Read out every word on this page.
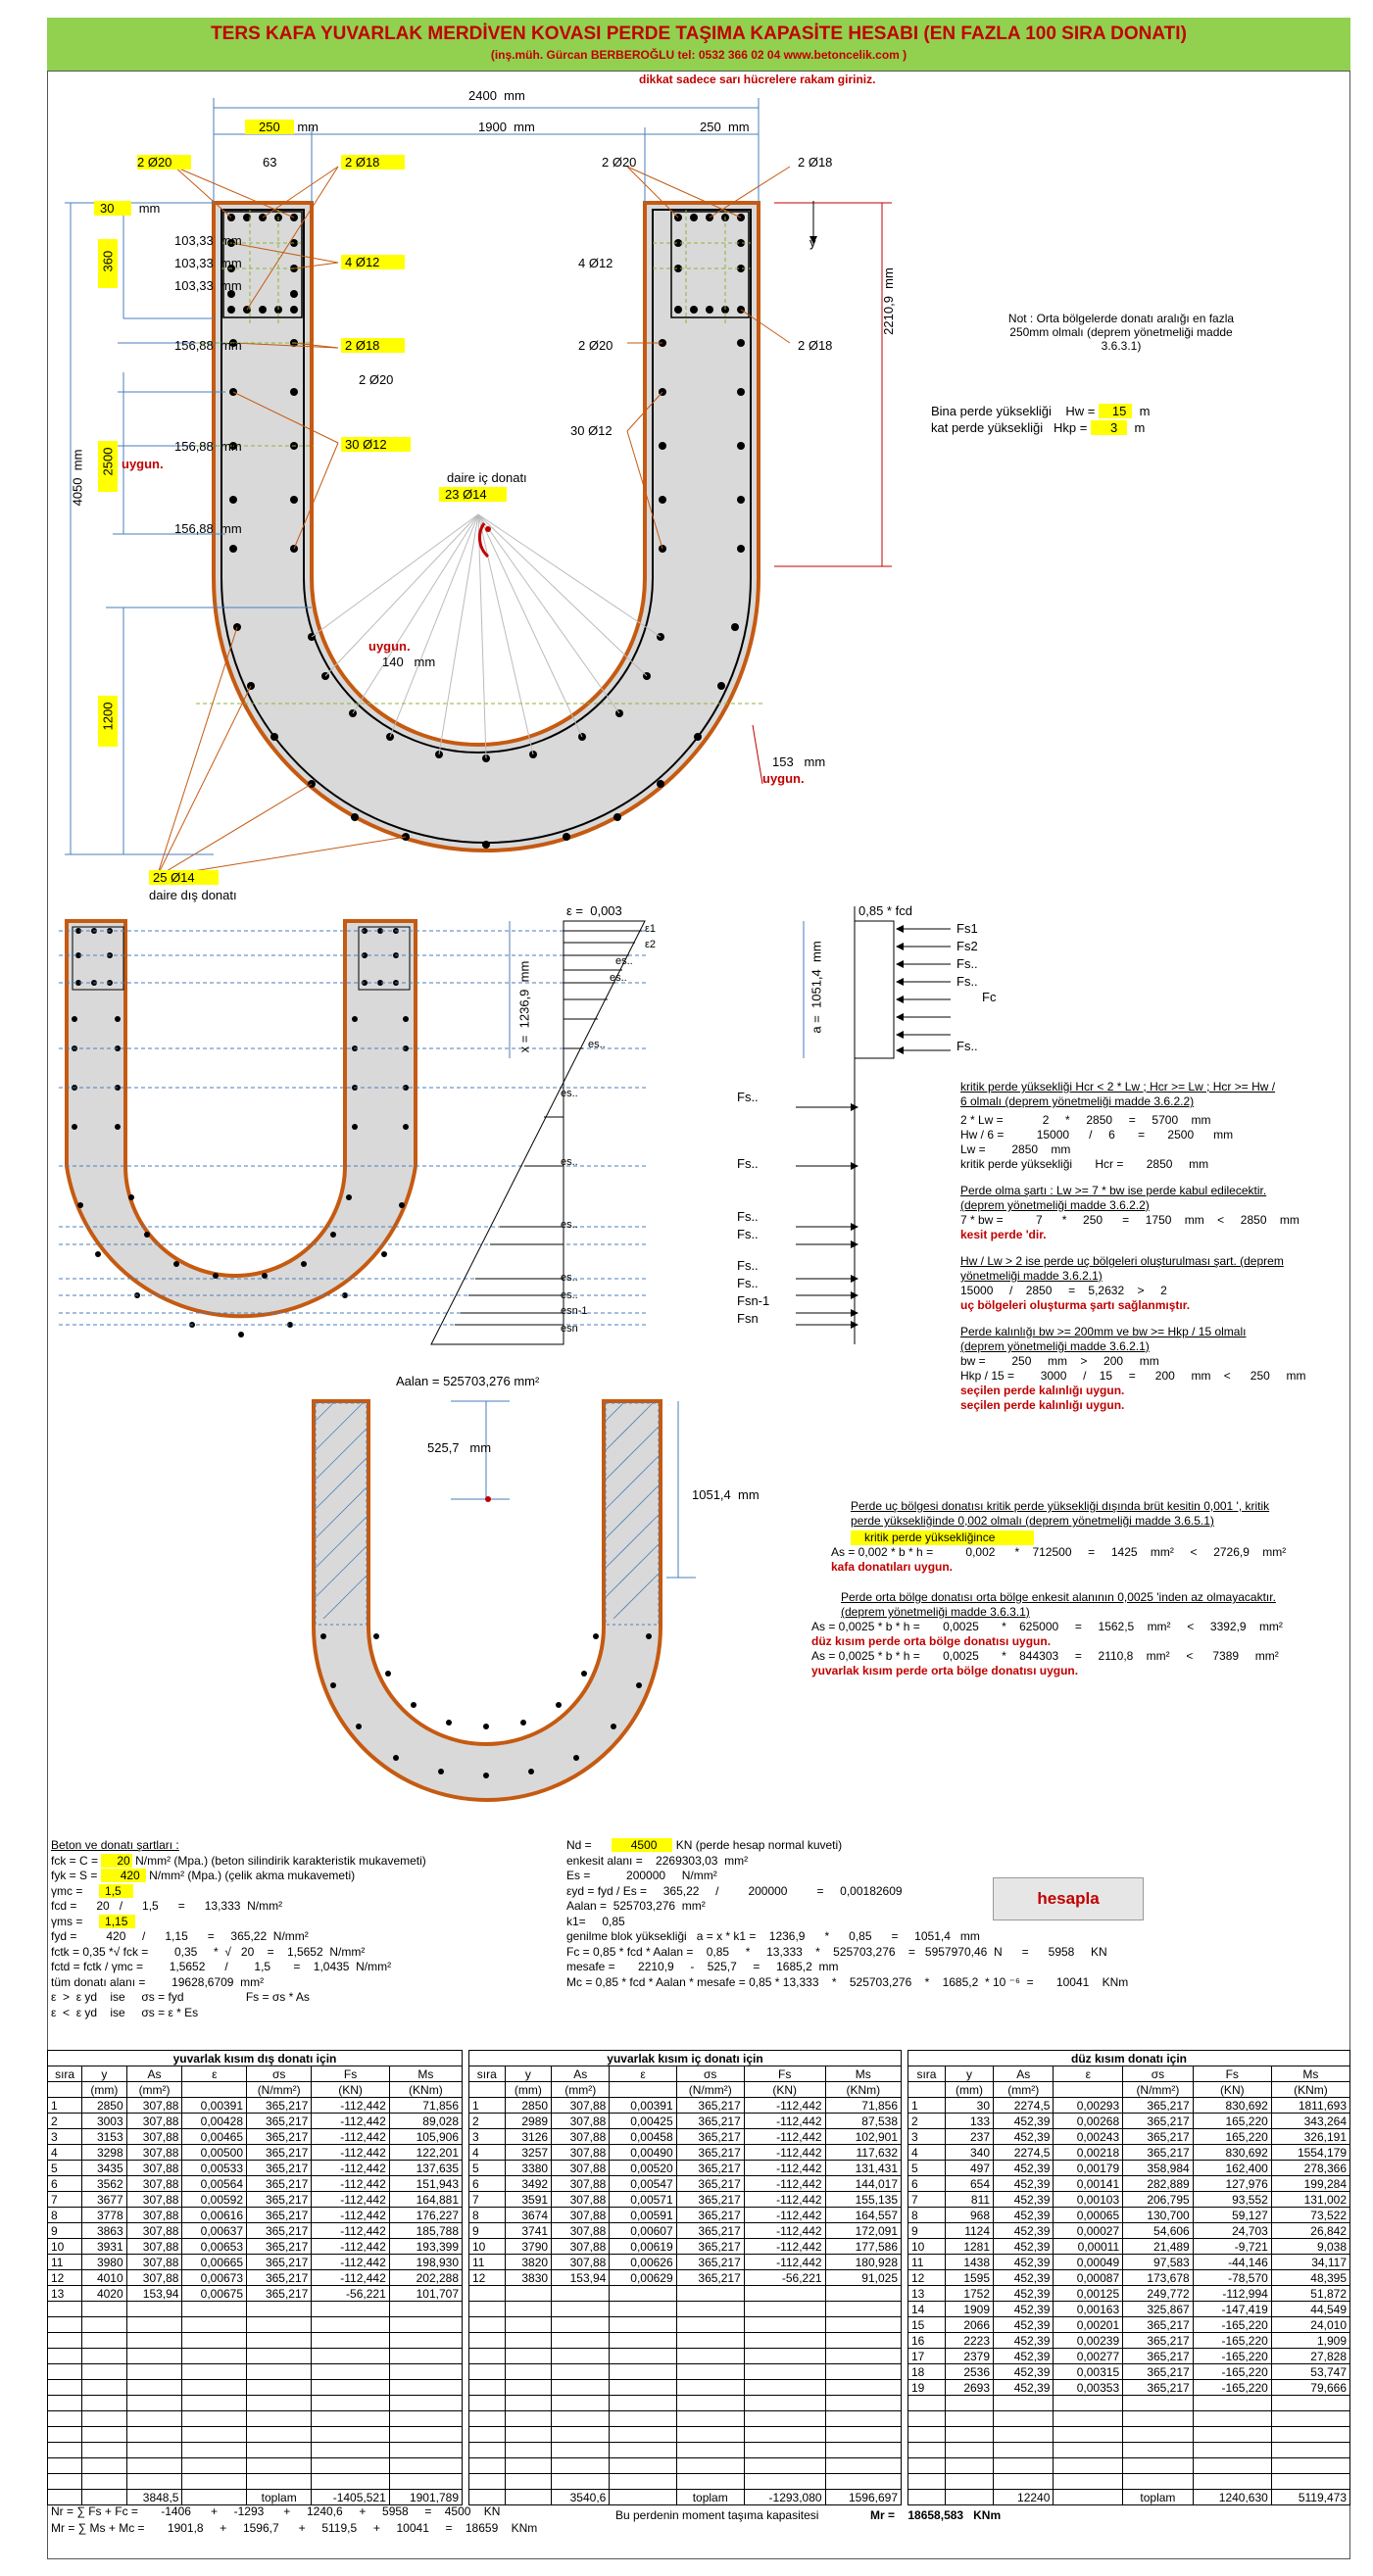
TERS KAFA YUVARLAK MERDİVEN KOVASI PERDE TAŞIMA KAPASİTE HESABI (EN FAZLA 100 SIRA DONATI)
(inş.müh. Gürcan BERBEROĞLU tel: 0532 366 02 04 www.betoncelik.com )
dikkat sadece sarı hücrelere rakam giriniz.
2400 mm
250 mm	1900 mm	250 mm
2 Ø20	63	2 Ø18	2 Ø20	2 Ø18
30 mm
103,33 mm
103,33 mm
103,33 mm
360	4 Ø12	4 Ø12
156,88 mm	2 Ø18	2 Ø20	2 Ø18
2 Ø20
30 Ø12
156,88 mm	30 Ø12
uygun.
2500
daire iç donatı
23 Ø14
156,88 mm
4050  mm
2210,9  mm
y
Not : Orta bölgelerde donatı aralığı en fazla 250mm olmalı (deprem yönetmeliği madde 3.6.3.1)
Bina perde yüksekliği Hw = 15 m
kat perde yüksekliği Hkp = 3 m
uygun.
140 mm
1200
153 mm
uygun.
25 Ø14
daire dış donatı
ε = 0,003	0,85 * fcd
ε1
ε2
es..
es..
es..
es..
es..
es..
es..
es..
esn-1
esn
Fs1
Fs2
Fs..
Fs..
Fc
Fs..
Fs..
Fs..
Fs..
Fs..
Fs..
Fs..
Fsn-1
Fsn
x =  1236,9  mm
a =  1051,4  mm
Aalan = 525703,276 mm²
525,7 mm
1051,4 mm
kritik perde yüksekliği Hcr < 2 * Lw ; Hcr >= Lw ; Hcr >= Hw / 6 olmalı (deprem yönetmeliği madde 3.6.2.2)
2 * Lw =            2     *     2850     =     5700    mm
Hw / 6 =          15000      /     6       =       2500      mm
Lw =        2850    mm
kritik perde yüksekliği       Hcr =       2850     mm
Perde olma şartı : Lw >= 7 * bw ise perde kabul edilecektir. (deprem yönetmeliği madde 3.6.2.2)
7 * bw =          7      *     250      =     1750    mm    <     2850    mm
kesit perde 'dir.
Hw / Lw > 2 ise perde uç bölgeleri oluşturulması şart. (deprem yönetmeliği madde 3.6.2.1)
15000     /    2850     =    5,2632    >     2
uç bölgeleri oluşturma şartı sağlanmıştır.
Perde kalınlığı bw >= 200mm ve bw >= Hkp / 15 olmalı (deprem yönetmeliği madde 3.6.2.1)
bw =        250     mm    >     200     mm
Hkp / 15 =        3000     /    15     =      200     mm    <      250     mm
seçilen perde kalınlığı uygun.
seçilen perde kalınlığı uygun.
Perde uç bölgesi donatısı kritik perde yüksekliği dışında brüt kesitin 0,001 ', kritik perde yüksekliğinde 0,002 olmalı (deprem yönetmeliği madde 3.6.5.1)
kritik perde yüksekliğince
As = 0,002 * b * h =          0,002      *    712500     =     1425    mm²     <     2726,9    mm²
kafa donatıları uygun.
Perde orta bölge donatısı orta bölge enkesit alanının 0,0025 'inden az olmayacaktır. (deprem yönetmeliği madde 3.6.3.1)
As = 0,0025 * b * h =       0,0025       *    625000     =     1562,5    mm²     <     3392,9    mm²
düz kısım perde orta bölge donatısı uygun.
As = 0,0025 * b * h =       0,0025       *    844303     =     2110,8    mm²     <      7389     mm²
yuvarlak kısım perde orta bölge donatısı uygun.
Beton ve donatı şartları :
fck = C = 20 N/mm² (Mpa.) (beton silindirik karakteristik mukavemeti)
fyk = S = 420 N/mm² (Mpa.) (çelik akma mukavemeti)
γmc = 1,5
fcd =      20   /      1,5      =      13,333  N/mm²
γms = 1,15
fyd =         420     /      1,15      =     365,22  N/mm²
fctk = 0,35 *√ fck =        0,35     *  √   20    =    1,5652  N/mm²
fctd = fctk / γmc =        1,5652      /        1,5       =    1,0435  N/mm²
tüm donatı alanı =        19628,6709  mm²
ε  >  ε yd    ise     σs = fyd                   Fs = σs * As
ε  <  ε yd    ise     σs = ε * Es
Nd =	4500 KN (perde hesap normal kuveti)
enkesit alanı =    2269303,03  mm²
Es =           200000     N/mm²
εyd = fyd / Es =     365,22     /         200000         =     0,00182609
Aalan =  525703,276  mm²
k1=     0,85
genilme blok yüksekliği   a = x * k1 =    1236,9      *      0,85      =     1051,4   mm
Fc = 0,85 * fcd * Aalan =    0,85     *     13,333    *    525703,276    =   5957970,46  N      =      5958     KN
mesafe =       2210,9     -    525,7     =     1685,2  mm
Mc = 0,85 * fcd * Aalan * mesafe = 0,85 * 13,333    *    525703,276    *    1685,2  * 10 ⁻⁶  =       10041    KNm
hesapla
yuvarlak kısım dış donatı için						
sıra	y	As	ε	σs	Fs	Ms
	(mm)	(mm²)		(N/mm²)	(KN)	(KNm)
1	2850	307,88	0,00391	365,217	-112,442	71,856
2	3003	307,88	0,00428	365,217	-112,442	89,028
3	3153	307,88	0,00465	365,217	-112,442	105,906
4	3298	307,88	0,00500	365,217	-112,442	122,201
5	3435	307,88	0,00533	365,217	-112,442	137,635
6	3562	307,88	0,00564	365,217	-112,442	151,943
7	3677	307,88	0,00592	365,217	-112,442	164,881
8	3778	307,88	0,00616	365,217	-112,442	176,227
9	3863	307,88	0,00637	365,217	-112,442	185,788
10	3931	307,88	0,00653	365,217	-112,442	193,399
11	3980	307,88	0,00665	365,217	-112,442	198,930
12	4010	307,88	0,00673	365,217	-112,442	202,288
13	4020	153,94	0,00675	365,217	-56,221	101,707

		3848,5		toplam	-1405,521	1901,789
yuvarlak kısım iç donatı için						
sıra	y	As	ε	σs	Fs	Ms
	(mm)	(mm²)		(N/mm²)	(KN)	(KNm)
1	2850	307,88	0,00391	365,217	-112,442	71,856
2	2989	307,88	0,00425	365,217	-112,442	87,538
3	3126	307,88	0,00458	365,217	-112,442	102,901
4	3257	307,88	0,00490	365,217	-112,442	117,632
5	3380	307,88	0,00520	365,217	-112,442	131,431
6	3492	307,88	0,00547	365,217	-112,442	144,017
7	3591	307,88	0,00571	365,217	-112,442	155,135
8	3674	307,88	0,00591	365,217	-112,442	164,557
9	3741	307,88	0,00607	365,217	-112,442	172,091
10	3790	307,88	0,00619	365,217	-112,442	177,586
11	3820	307,88	0,00626	365,217	-112,442	180,928
12	3830	153,94	0,00629	365,217	-56,221	91,025

		3540,6		toplam	-1293,080	1596,697
düz kısım donatı için						
sıra	y	As	ε	σs	Fs	Ms
	(mm)	(mm²)		(N/mm²)	(KN)	(KNm)
1	30	2274,5	0,00293	365,217	830,692	1811,693
2	133	452,39	0,00268	365,217	165,220	343,264
3	237	452,39	0,00243	365,217	165,220	326,191
4	340	2274,5	0,00218	365,217	830,692	1554,179
5	497	452,39	0,00179	358,984	162,400	278,366
6	654	452,39	0,00141	282,889	127,976	199,284
7	811	452,39	0,00103	206,795	93,552	131,002
8	968	452,39	0,00065	130,700	59,127	73,522
9	1124	452,39	0,00027	54,606	24,703	26,842
10	1281	452,39	0,00011	21,489	-9,721	9,038
11	1438	452,39	0,00049	97,583	-44,146	34,117
12	1595	452,39	0,00087	173,678	-78,570	48,395
13	1752	452,39	0,00125	249,772	-112,994	51,872
14	1909	452,39	0,00163	325,867	-147,419	44,549
15	2066	452,39	0,00201	365,217	-165,220	24,010
16	2223	452,39	0,00239	365,217	-165,220	1,909
17	2379	452,39	0,00277	365,217	-165,220	27,828
18	2536	452,39	0,00315	365,217	-165,220	53,747
19	2693	452,39	0,00353	365,217	-165,220	79,666

		12240		toplam	1240,630	5119,473
Nr = ∑ Fs + Fc =       -1406      +     -1293      +     1240,6     +     5958     =    4500    KN
Mr = ∑ Ms + Mc =       1901,8     +     1596,7      +     5119,5     +     10041     =    18659    KNm
Bu perdenin moment taşıma kapasitesi	Mr = 18658,583 KNm
